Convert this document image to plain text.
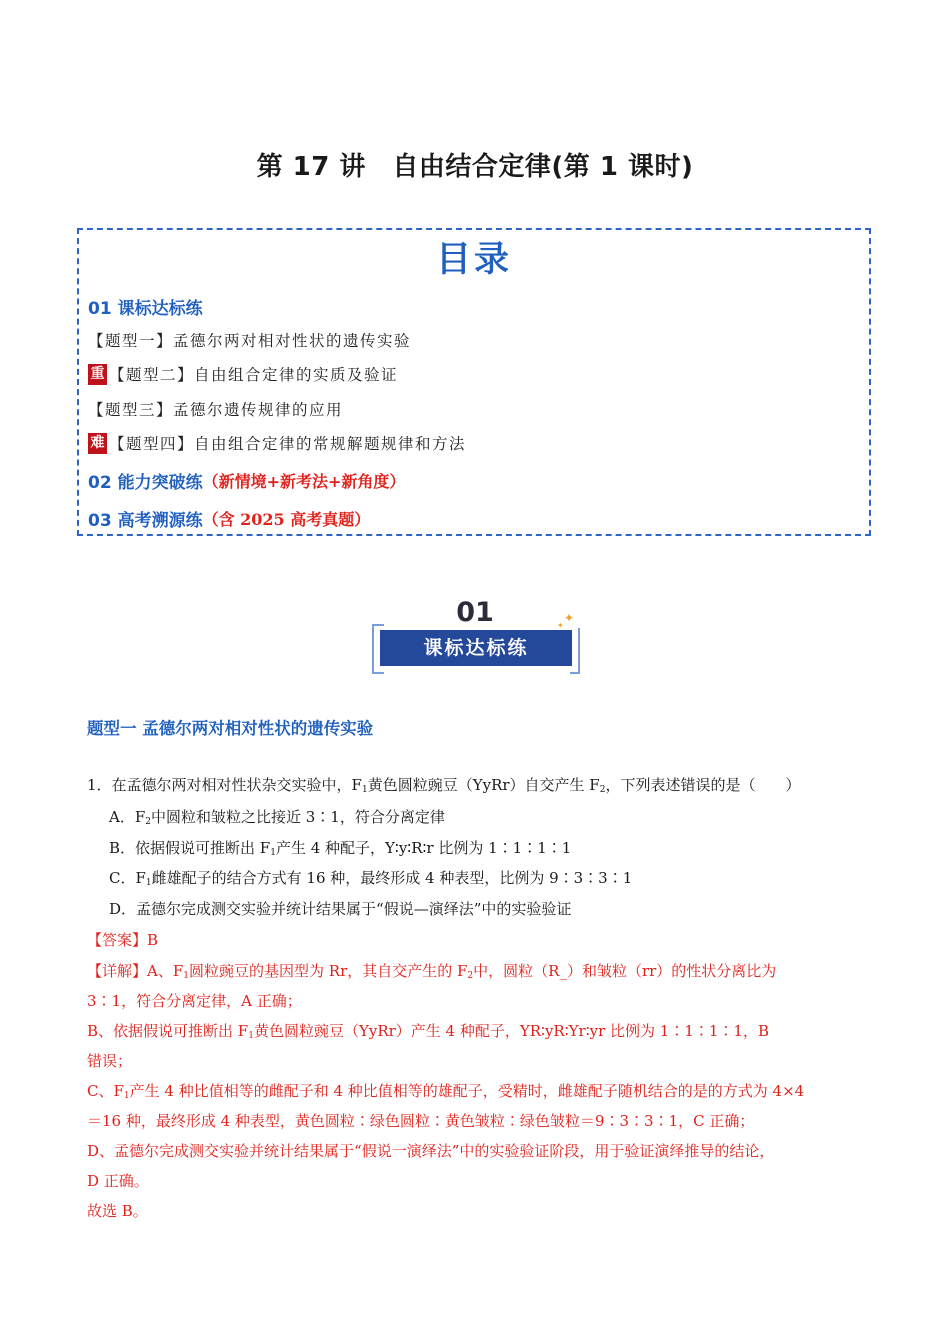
第 17 讲　自由结合定律(第 1 课时)
目录
01 课标达标练
【题型一】孟德尔两对相对性状的遗传实验
重 【题型二】自由组合定律的实质及验证
【题型三】孟德尔遗传规律的应用
难 【题型四】自由组合定律的常规解题规律和方法
02 能力突破练 （新情境+新考法+新角度）
03 高考溯源练 （含 2025 高考真题）
01
课标达标练
✦
✦
题型一 孟德尔两对相对性状的遗传实验
1．在孟德尔两对相对性状杂交实验中，$F_1$黄色圆粒豌豆（YyRr）自交产生 $F_2$，下列表述错误的是（　　）
A．$F_2$中圆粒和皱粒之比接近 3∶1，符合分离定律
B．依据假说可推断出 $F_1$产生 4 种配子，Y∶y∶R∶r 比例为 1∶1∶1∶1
C．$F_1$雌雄配子的结合方式有 16 种，最终形成 4 种表型，比例为 9∶3∶3∶1
D．孟德尔完成测交实验并统计结果属于“假说—演绎法”中的实验验证
【答案】B
【详解】A、$F_1$圆粒豌豆的基因型为 Rr，其自交产生的 $F_2$中，圆粒（R_）和皱粒（rr）的性状分离比为
3∶1，符合分离定律，A 正确；
B、依据假说可推断出 $F_1$黄色圆粒豌豆（YyRr）产生 4 种配子，YR∶yR∶Yr∶yr 比例为 1∶1∶1∶1，B
错误；
C、$F_1$产生 4 种比值相等的雌配子和 4 种比值相等的雄配子，受精时，雌雄配子随机结合的是的方式为 4×4
＝16 种，最终形成 4 种表型，黄色圆粒∶绿色圆粒∶黄色皱粒∶绿色皱粒＝9∶3∶3∶1，C 正确；
D、孟德尔完成测交实验并统计结果属于“假说一演绎法”中的实验验证阶段，用于验证演绎推导的结论，
D 正确。
故选 B。
